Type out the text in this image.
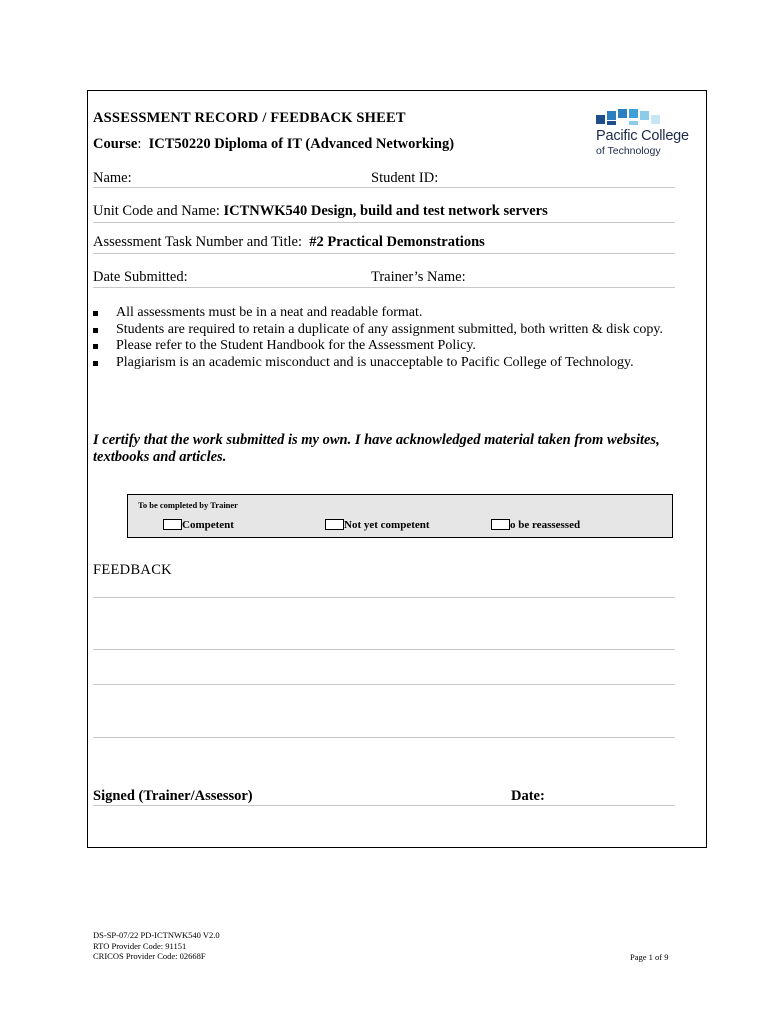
ASSESSMENT RECORD / FEEDBACK SHEET
Course:  ICT50220 Diploma of IT (Advanced Networking)	Pacific College
of Technology
Name:	Student ID:
Unit Code and Name: ICTNWK540 Design, build and test network servers
Assessment Task Number and Title: #2 Practical Demonstrations
Date Submitted:	Trainer’s Name:
All assessments must be in a neat and readable format.
Students are required to retain a duplicate of any assignment submitted, both written & disk copy.
Please refer to the Student Handbook for the Assessment Policy.
Plagiarism is an academic misconduct and is unacceptable to Pacific College of Technology.
I certify that the work submitted is my own. I have acknowledged material taken from websites, textbooks and articles.
To be completed by Trainer
Competent	Not yet competent	o be reassessed
FEEDBACK
Signed (Trainer/Assessor)	Date:
DS-SP-07/22 PD-ICTNWK540 V2.0
RTO Provider Code: 91151
CRICOS Provider Code: 02668F	Page 1 of 9
